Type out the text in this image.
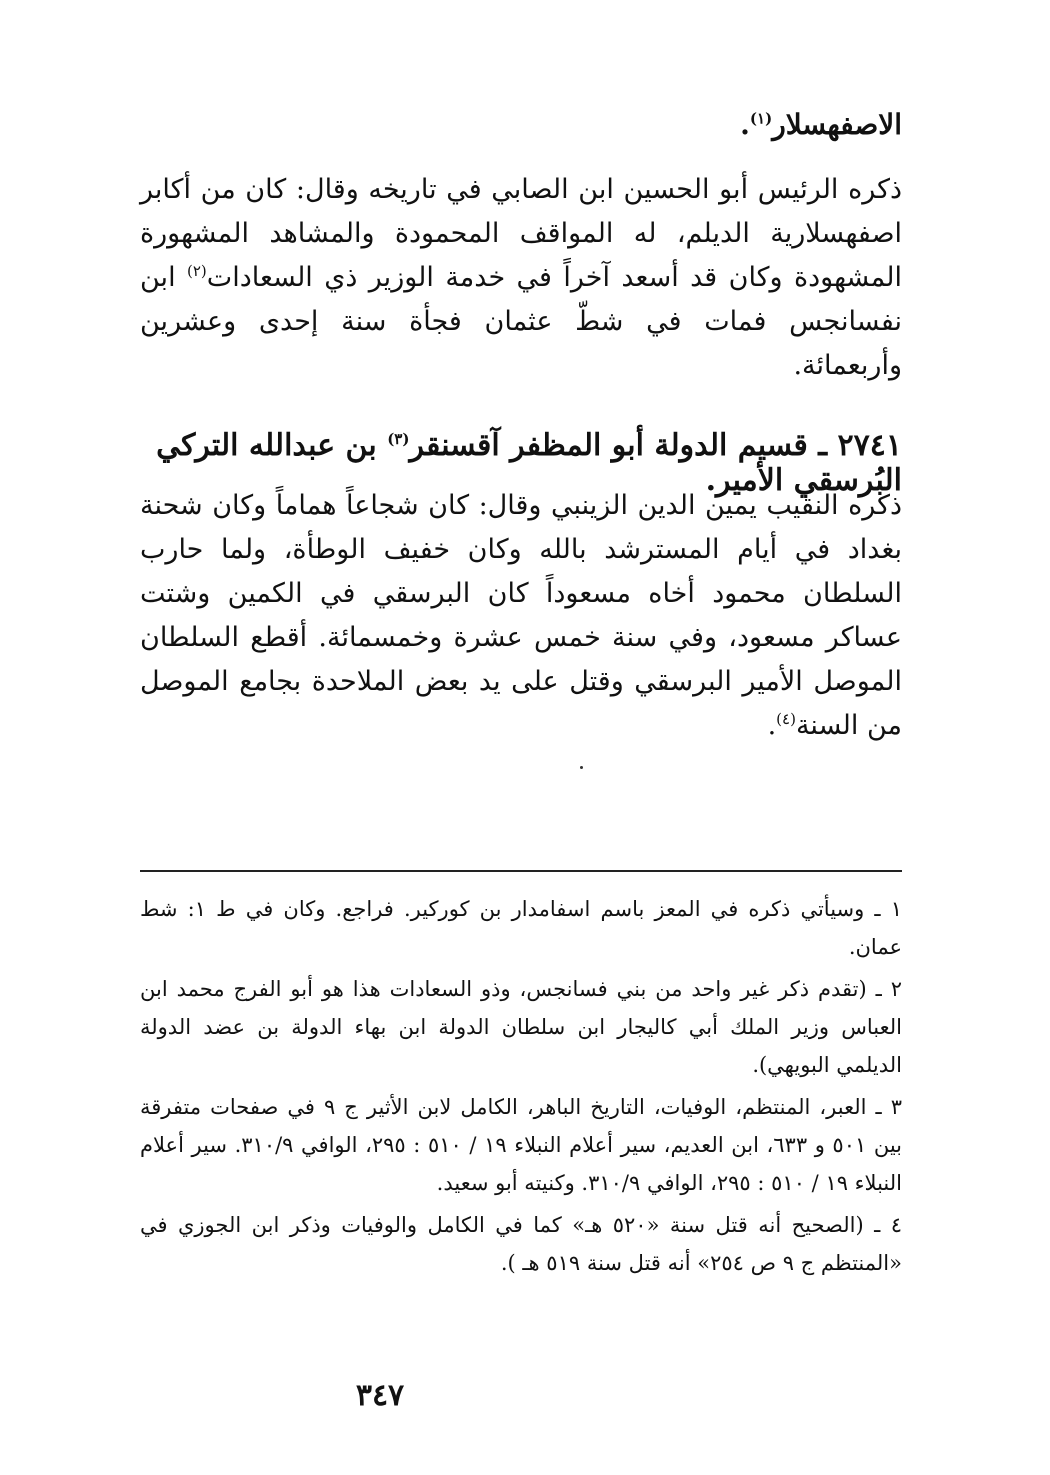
الاصفهسلار$^{(١)}$.

ذكره الرئيس أبو الحسين ابن الصابي في تاريخه وقال: كان من أكابر اصفهسلارية الديلم، له المواقف المحمودة والمشاهد المشهورة المشهودة وكان قد أسعد آخراً في خدمة الوزير ذي السعادات$^{(٢)}$ ابن نفسانجس فمات في شطّ عثمان فجأة سنة إحدى وعشرين وأربعمائة.

٢٧٤١ ـ قسيم الدولة أبو المظفر آقسنقر$^{(٣)}$ بن عبدالله التركي البُرسقي الأمير.

ذكره النقيب يمين الدين الزينبي وقال: كان شجاعاً هماماً وكان شحنة بغداد في أيام المسترشد بالله وكان خفيف الوطأة، ولما حارب السلطان محمود أخاه مسعوداً كان البرسقي في الكمين وشتت عساكر مسعود، وفي سنة خمس عشرة وخمسمائة. أقطع السلطان الموصل الأمير البرسقي وقتل على يد بعض الملاحدة بجامع الموصل من السنة$^{(٤)}$.

١ ـ وسيأتي ذكره في المعز باسم اسفامدار بن كوركير. فراجع. وكان في ط ١: شط عمان.

٢ ـ (تقدم ذكر غير واحد من بني فسانجس، وذو السعادات هذا هو أبو الفرج محمد ابن العباس وزير الملك أبي كاليجار ابن سلطان الدولة ابن بهاء الدولة بن عضد الدولة الديلمي البويهي).

٣ ـ العبر، المنتظم، الوفيات، التاريخ الباهر، الكامل لابن الأثير ج ٩ في صفحات متفرقة بين ٥٠١ و ٦٣٣، ابن العديم، سير أعلام النبلاء ١٩ / ٥١٠ : ٢٩٥، الوافي ٣١٠/٩. سير أعلام النبلاء ١٩ / ٥١٠ : ٢٩٥، الوافي ٣١٠/٩. وكنيته أبو سعيد.

٤ ـ (الصحيح أنه قتل سنة «٥٢٠ هـ» كما في الكامل والوفيات وذكر ابن الجوزي في «المنتظم ج ٩ ص ٢٥٤» أنه قتل سنة ٥١٩ هـ ).

٣٤٧
